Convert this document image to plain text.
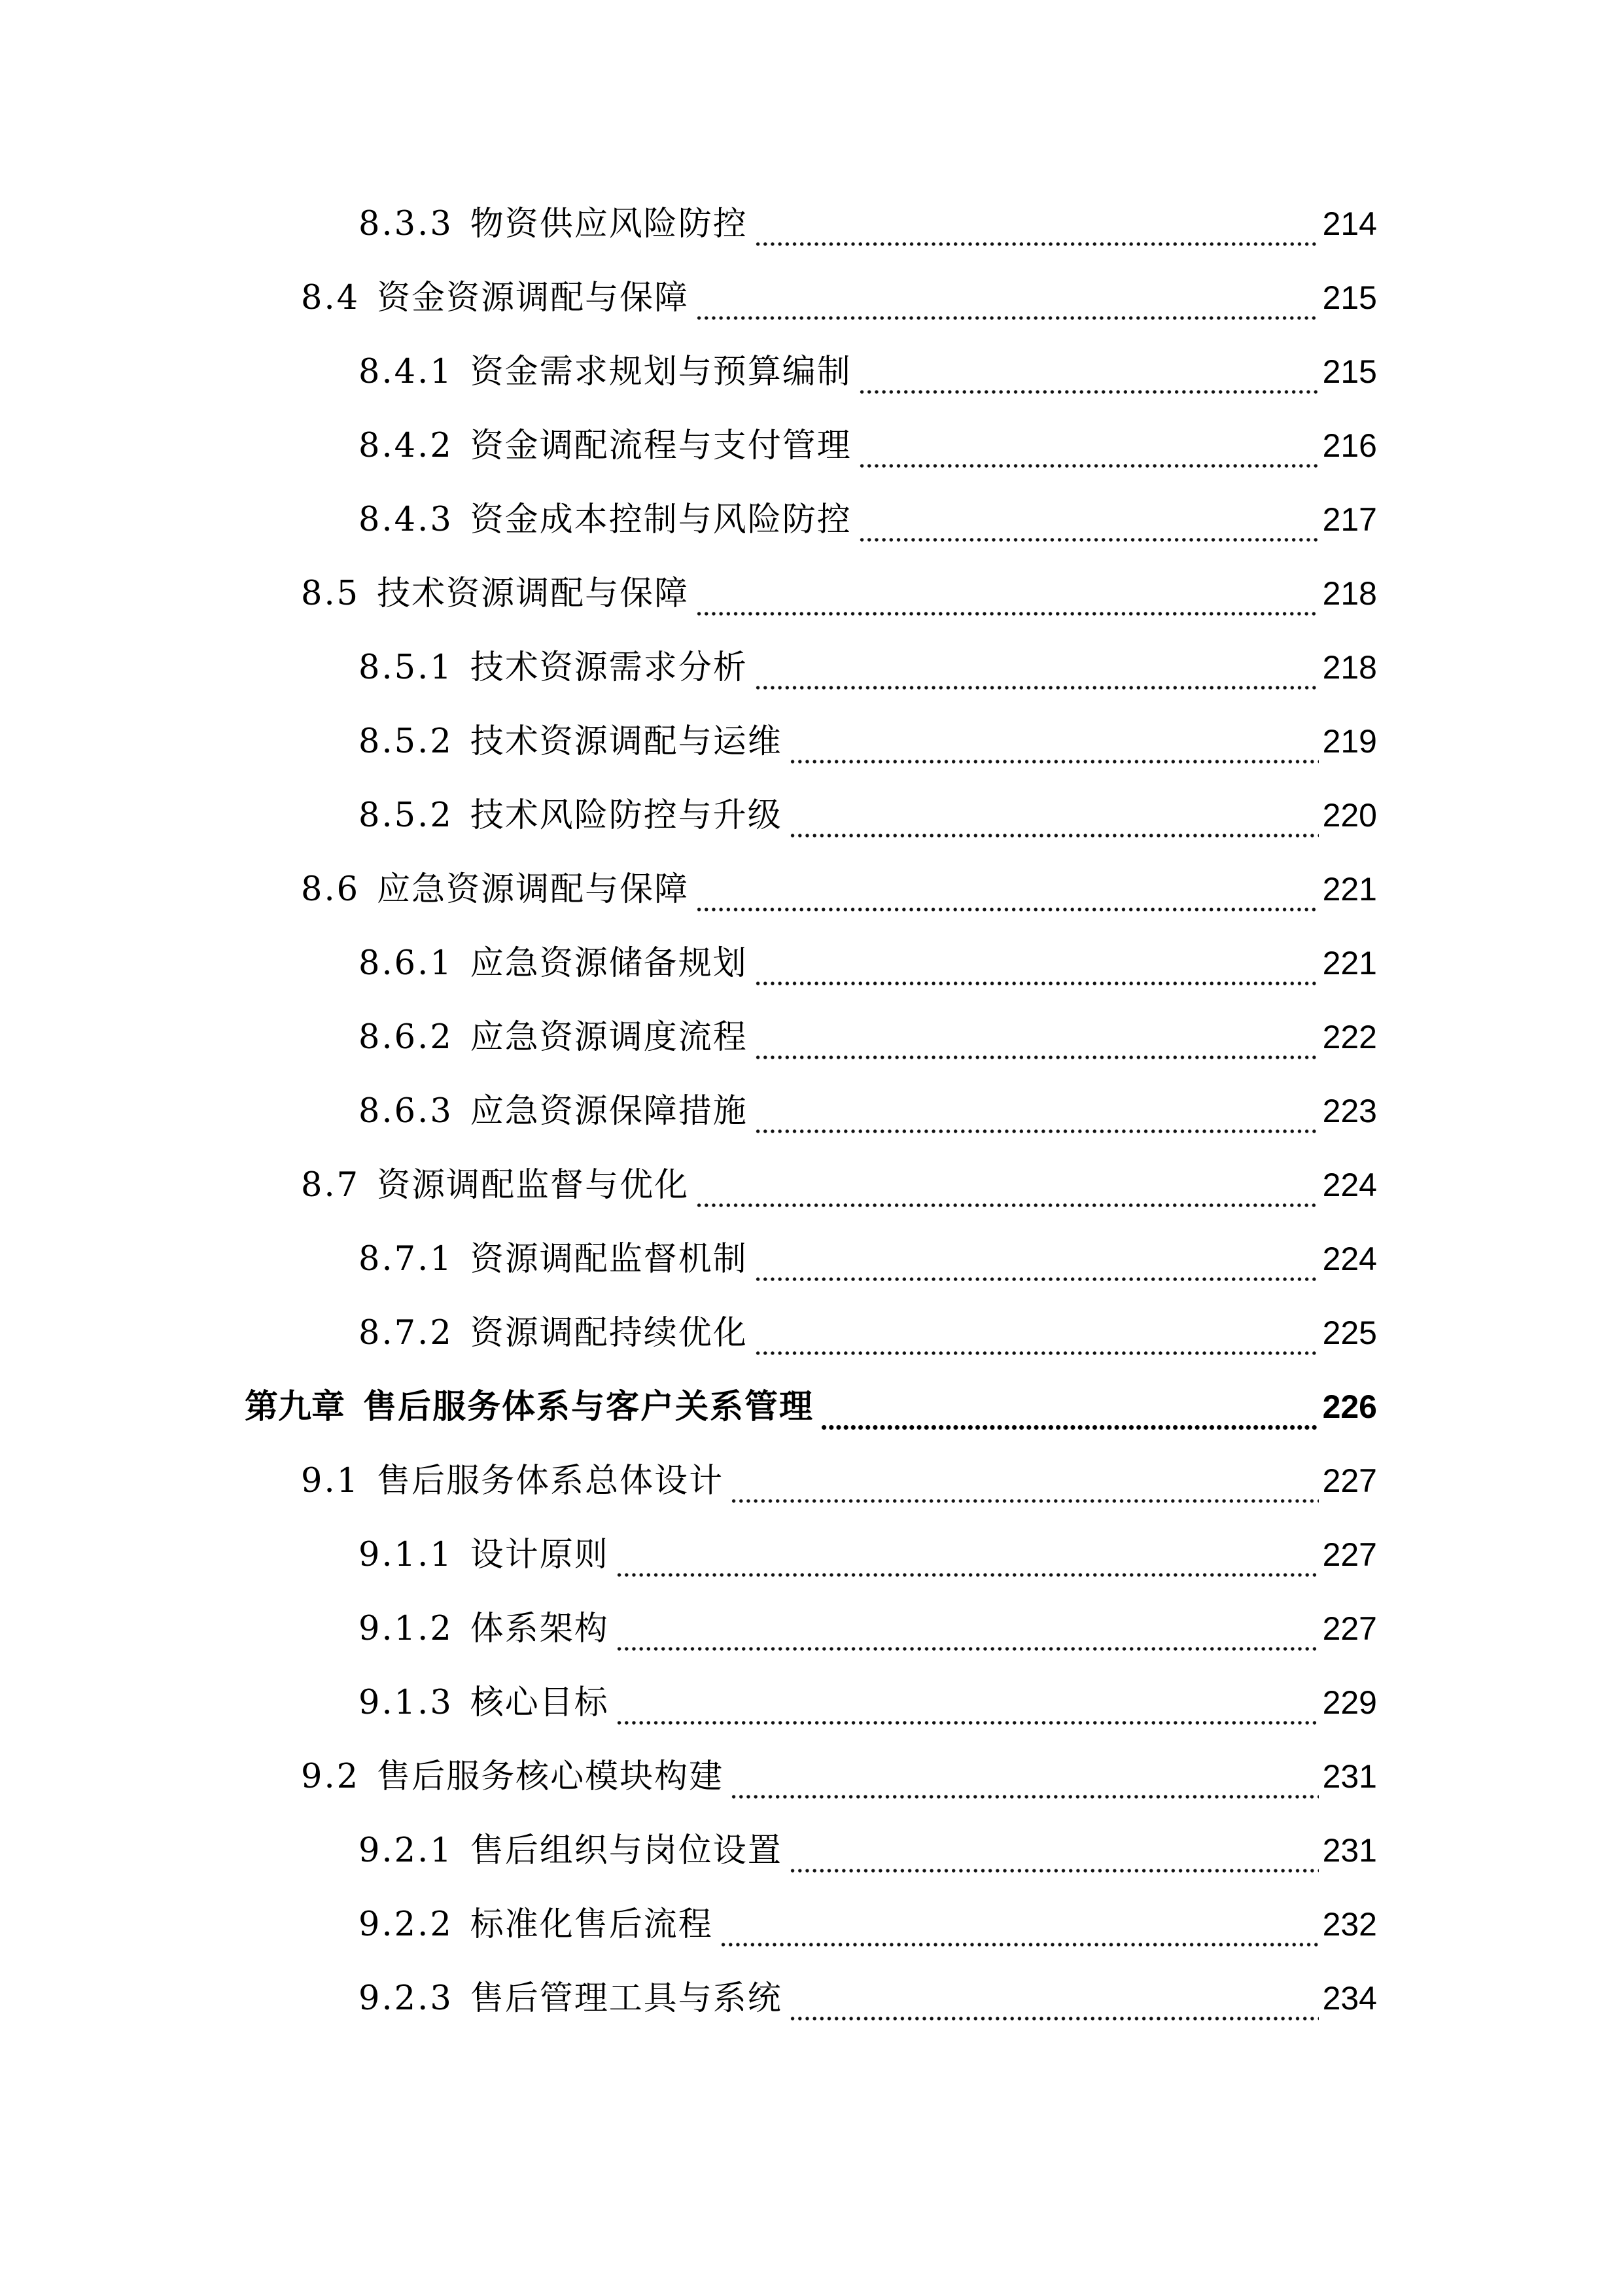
8.3.3 物资供应风险防控	214
8.4 资金资源调配与保障	215
8.4.1 资金需求规划与预算编制	215
8.4.2 资金调配流程与支付管理	216
8.4.3 资金成本控制与风险防控	217
8.5 技术资源调配与保障	218
8.5.1 技术资源需求分析	218
8.5.2 技术资源调配与运维	219
8.5.2 技术风险防控与升级	220
8.6 应急资源调配与保障	221
8.6.1 应急资源储备规划	221
8.6.2 应急资源调度流程	222
8.6.3 应急资源保障措施	223
8.7 资源调配监督与优化	224
8.7.1 资源调配监督机制	224
8.7.2 资源调配持续优化	225
第九章 售后服务体系与客户关系管理	226
9.1 售后服务体系总体设计	227
9.1.1 设计原则	227
9.1.2 体系架构	227
9.1.3 核心目标	229
9.2 售后服务核心模块构建	231
9.2.1 售后组织与岗位设置	231
9.2.2 标准化售后流程	232
9.2.3 售后管理工具与系统	234
